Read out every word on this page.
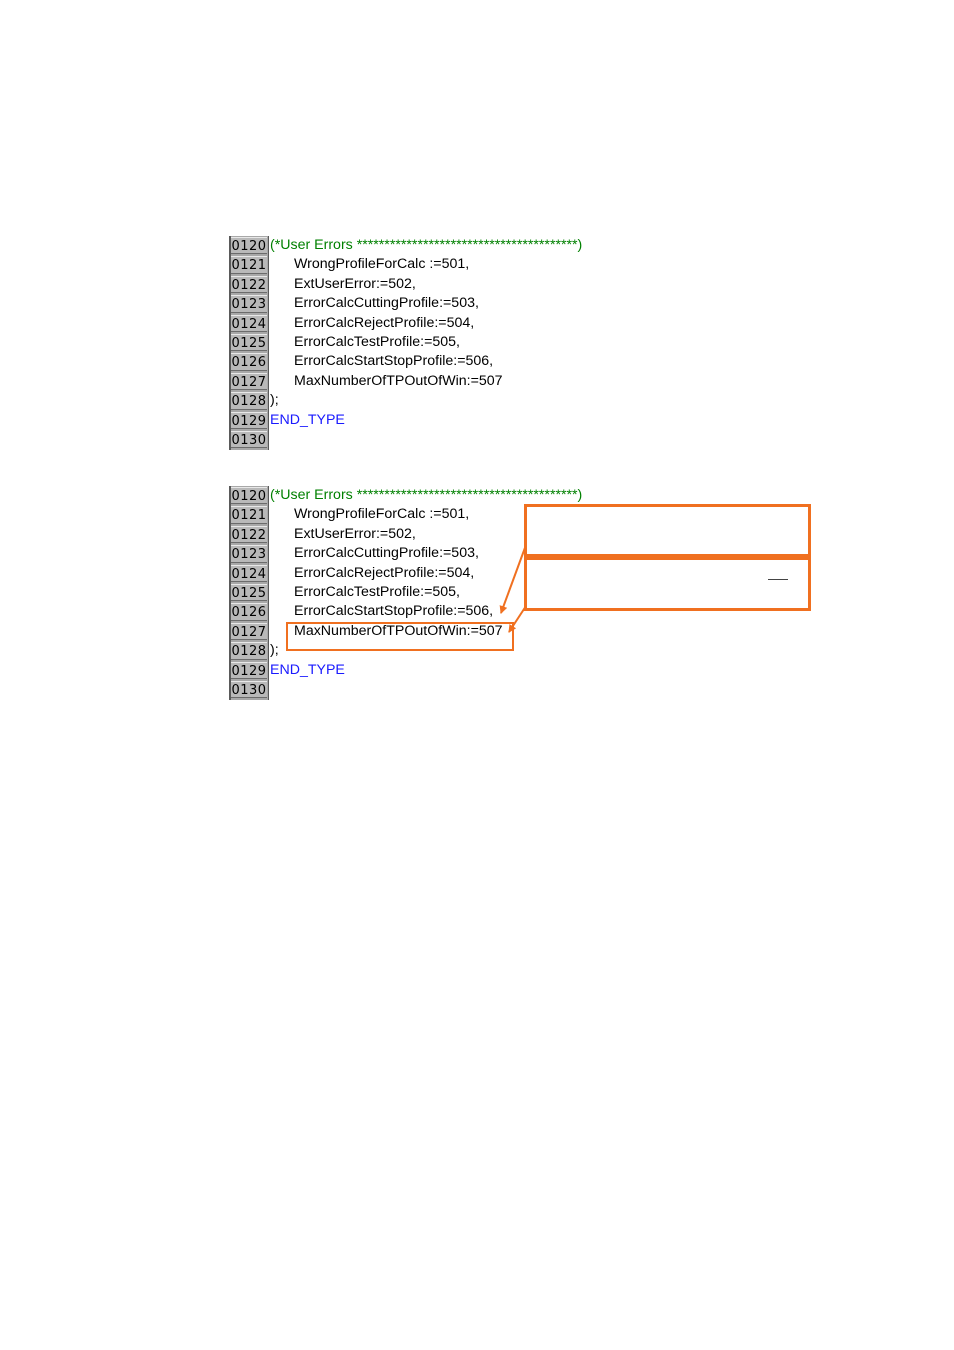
0120 (*User Errors ****************************************)
0121 WrongProfileForCalc :=501,
0122 ExtUserError:=502,
0123 ErrorCalcCuttingProfile:=503,
0124 ErrorCalcRejectProfile:=504,
0125 ErrorCalcTestProfile:=505,
0126 ErrorCalcStartStopProfile:=506,
0127 MaxNumberOfTPOutOfWin:=507
0128 );
0129 END_TYPE
0130
0120 (*User Errors ****************************************)
0121 WrongProfileForCalc :=501,
0122 ExtUserError:=502,
0123 ErrorCalcCuttingProfile:=503,
0124 ErrorCalcRejectProfile:=504,
0125 ErrorCalcTestProfile:=505,
0126 ErrorCalcStartStopProfile:=506,
0127 MaxNumberOfTPOutOfWin:=507
0128 );
0129 END_TYPE
0130
